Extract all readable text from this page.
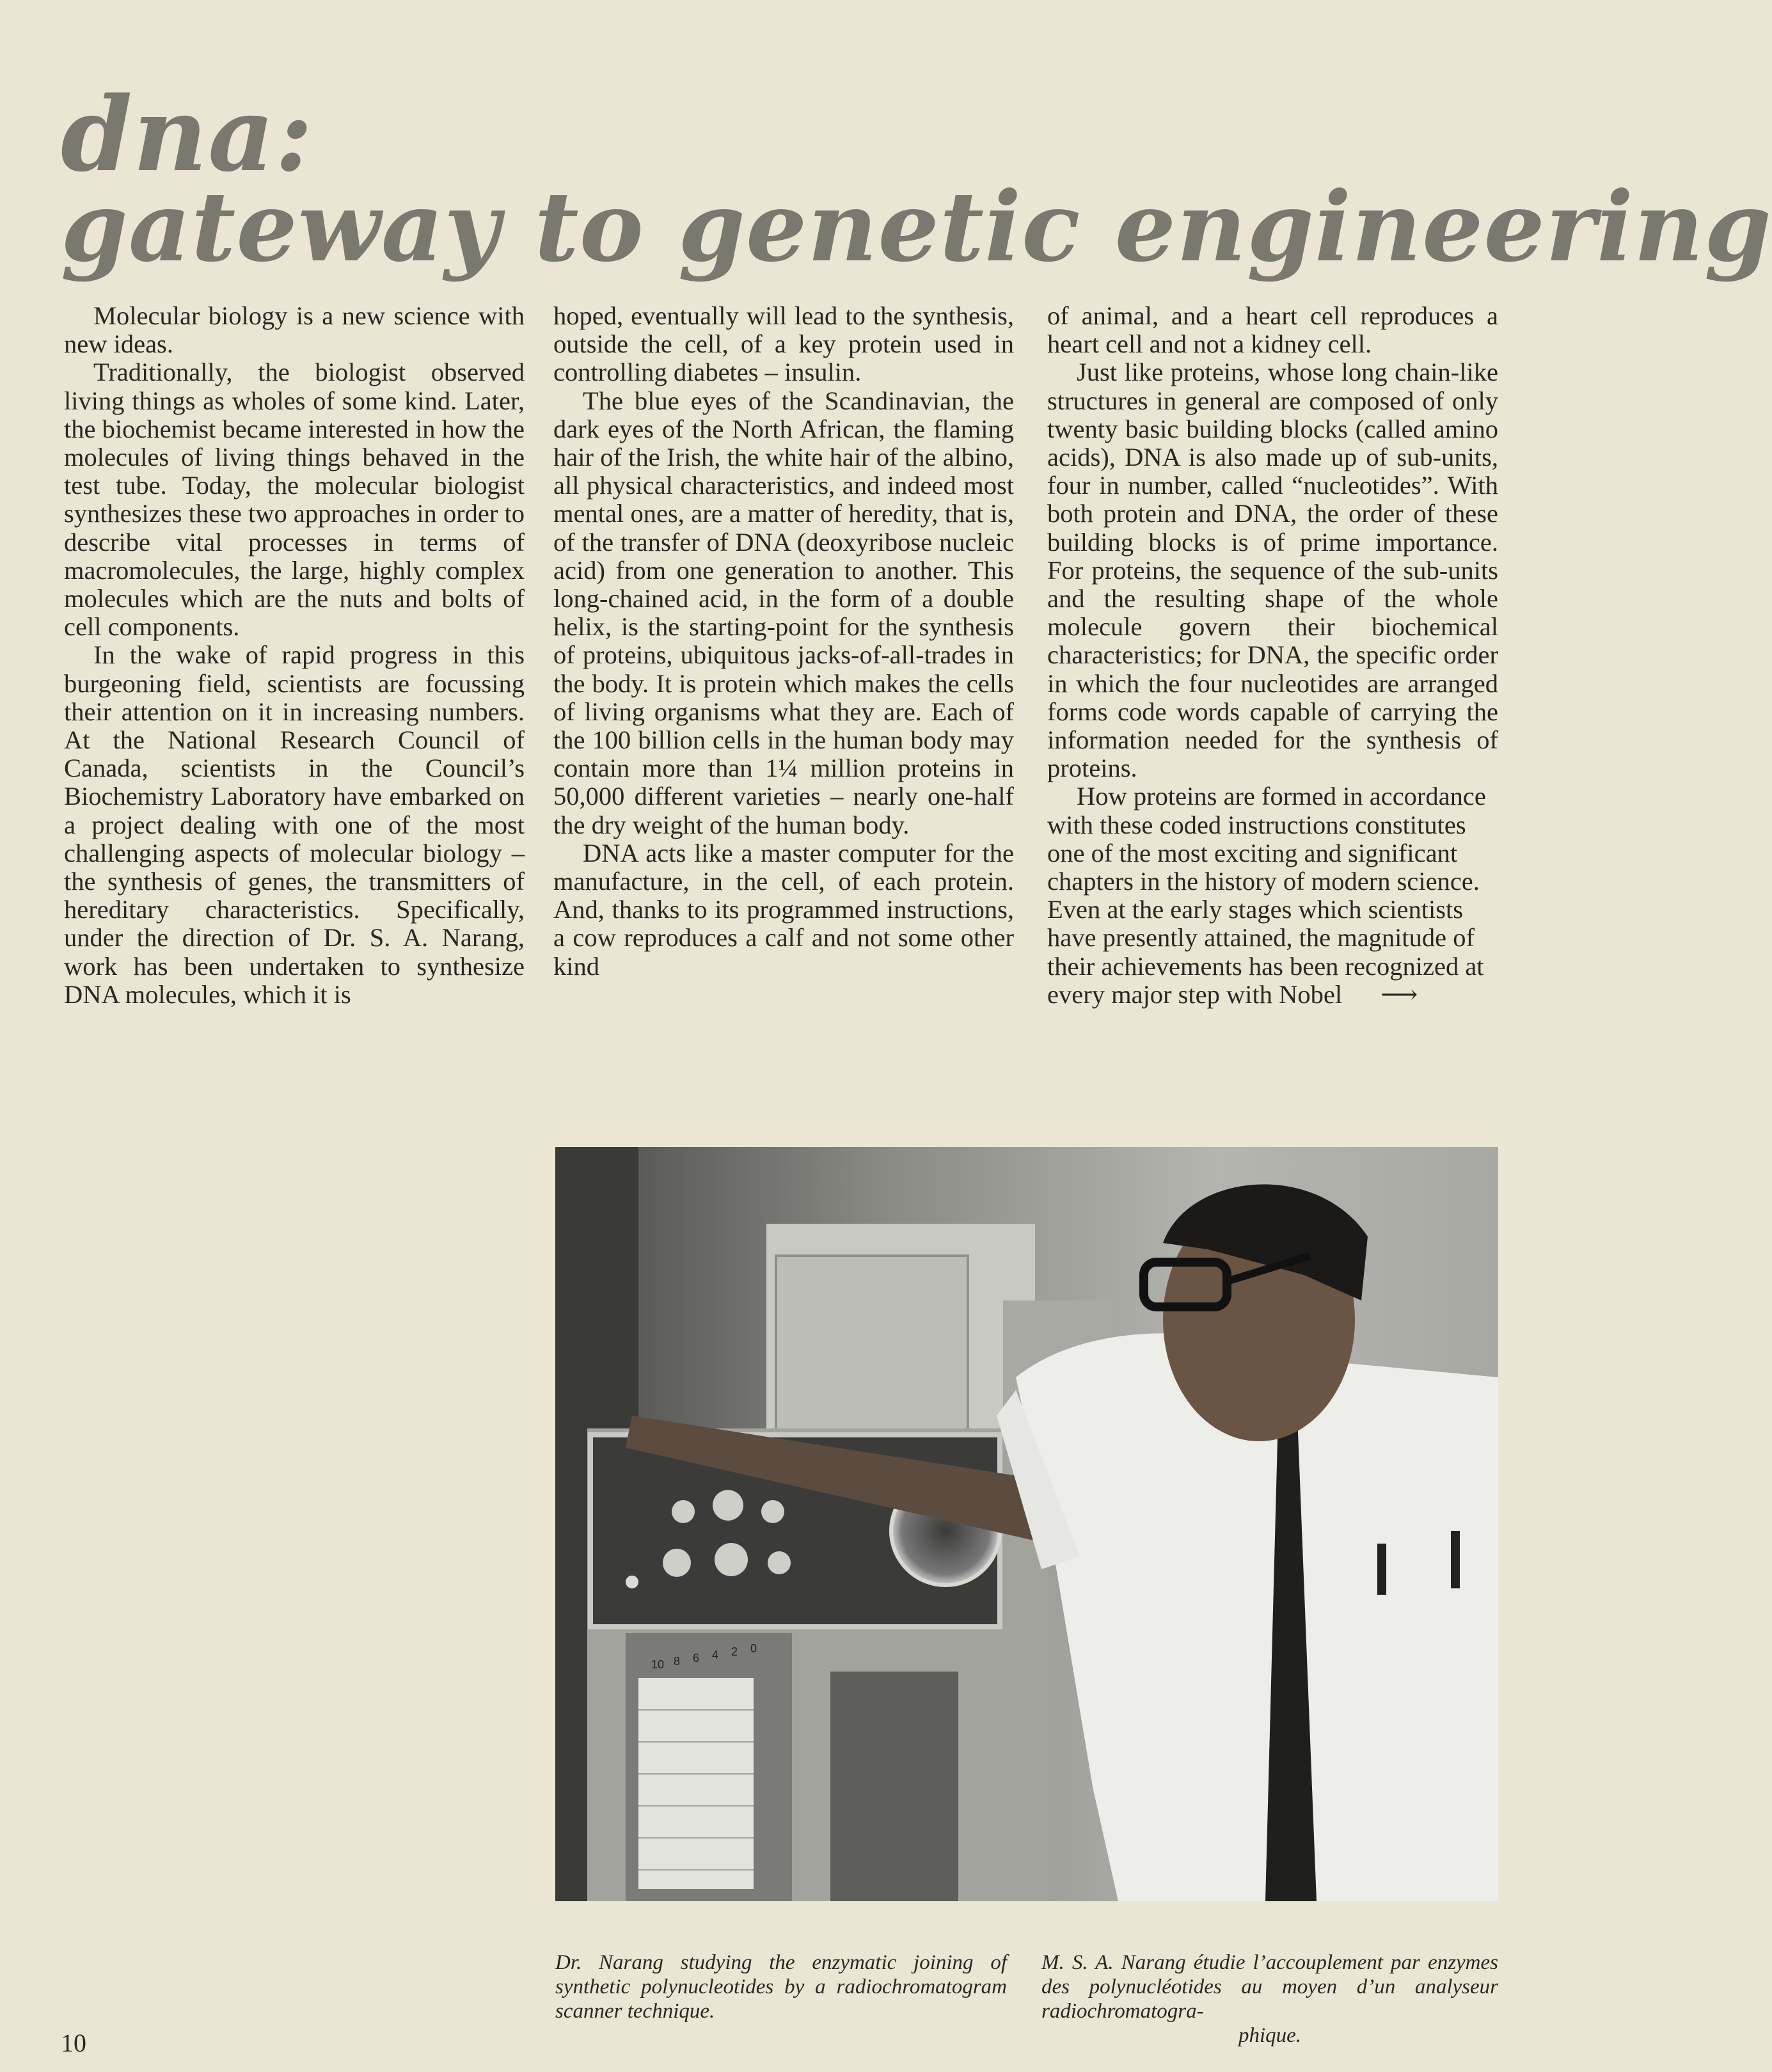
dna:
gateway to genetic engineering

Molecular biology is a new science with new ideas.

Traditionally, the biologist observed living things as wholes of some kind. Later, the biochemist became interested in how the molecules of living things behaved in the test tube. Today, the molecular biologist synthesizes these two approaches in order to describe vital processes in terms of macromolecules, the large, highly complex molecules which are the nuts and bolts of cell components.

In the wake of rapid progress in this burgeoning field, scientists are focussing their attention on it in increasing numbers. At the National Research Council of Canada, scientists in the Council’s Biochemistry Laboratory have embarked on a project dealing with one of the most challenging aspects of molecular biology – the synthesis of genes, the transmitters of hereditary characteristics. Specifically, under the direction of Dr. S. A. Narang, work has been undertaken to synthesize DNA molecules, which it is

hoped, eventually will lead to the synthesis, outside the cell, of a key protein used in controlling diabetes – insulin.

The blue eyes of the Scandinavian, the dark eyes of the North African, the flaming hair of the Irish, the white hair of the albino, all physical characteristics, and indeed most mental ones, are a matter of heredity, that is, of the transfer of DNA (deoxyribose nucleic acid) from one generation to another. This long-chained acid, in the form of a double helix, is the starting-point for the synthesis of proteins, ubiquitous jacks-of-all-trades in the body. It is protein which makes the cells of living organisms what they are. Each of the 100 billion cells in the human body may contain more than 1¼ million proteins in 50,000 different varieties – nearly one-half the dry weight of the human body.

DNA acts like a master computer for the manufacture, in the cell, of each protein. And, thanks to its programmed instructions, a cow reproduces a calf and not some other kind

of animal, and a heart cell reproduces a heart cell and not a kidney cell.

Just like proteins, whose long chain-like structures in general are composed of only twenty basic building blocks (called amino acids), DNA is also made up of sub-units, four in number, called “nucleotides”. With both protein and DNA, the order of these building blocks is of prime importance. For proteins, the sequence of the sub-units and the resulting shape of the whole molecule govern their biochemical characteristics; for DNA, the specific order in which the four nucleotides are arranged forms code words capable of carrying the information needed for the synthesis of proteins.

How proteins are formed in accordance with these coded instructions constitutes one of the most exciting and significant chapters in the history of modern science. Even at the early stages which scientists have presently attained, the magnitude of their achievements has been recognized at every major step with Nobel ⟶

10 8 6 4 2 0

Dr. Narang studying the enzymatic joining of synthetic polynucleotides by a radiochromatogram scanner technique.

M. S. A. Narang étudie l’accouplement par enzymes des polynucléotides au moyen d’un analyseur radiochromatogra-
phique.

10
